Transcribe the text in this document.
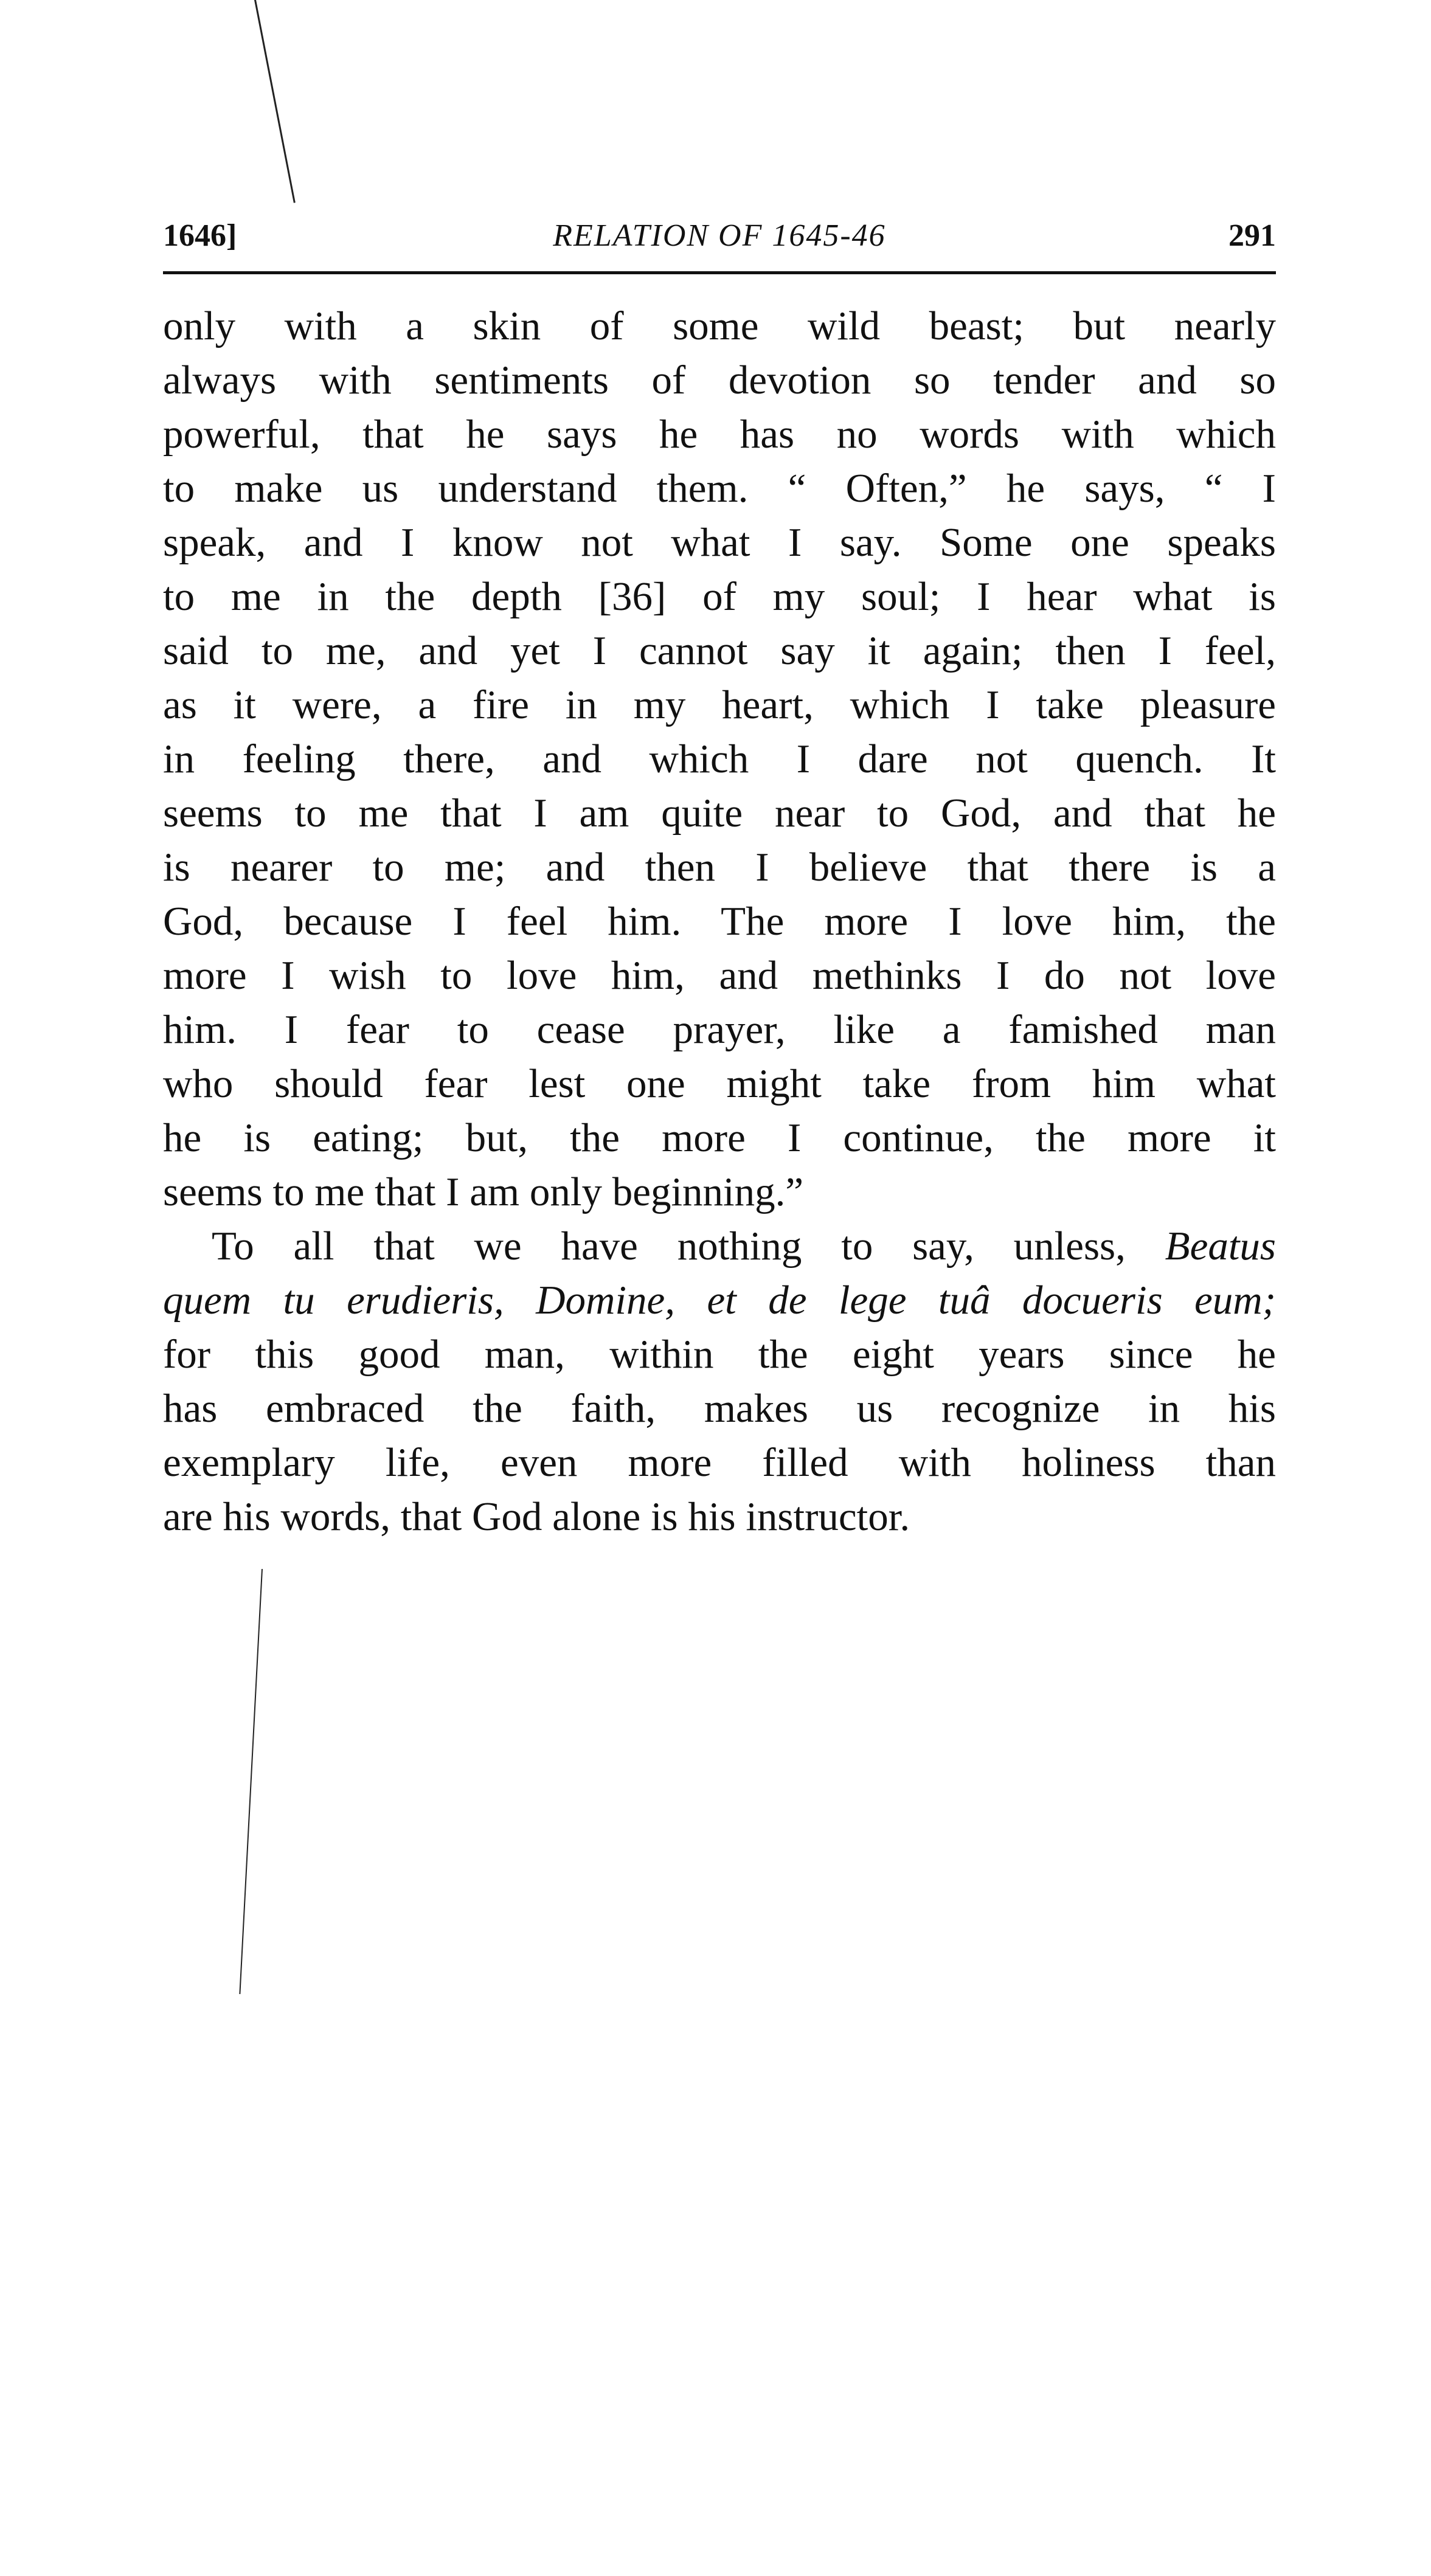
1646]	RELATION OF 1645-46	291
only with a skin of some wild beast; but nearly
always with sentiments of devotion so tender and so
powerful, that he says he has no words with which
to make us understand them. “ Often,” he says, “ I
speak, and I know not what I say. Some one speaks
to me in the depth [36] of my soul; I hear what is
said to me, and yet I cannot say it again; then I feel,
as it were, a fire in my heart, which I take pleasure
in feeling there, and which I dare not quench. It
seems to me that I am quite near to God, and that he
is nearer to me; and then I believe that there is a
God, because I feel him. The more I love him, the
more I wish to love him, and methinks I do not love
him. I fear to cease prayer, like a famished man
who should fear lest one might take from him what
he is eating; but, the more I continue, the more it
seems to me that I am only beginning.”
To all that we have nothing to say, unless, Beatus
quem tu erudieris, Domine, et de lege tuâ docueris eum;
for this good man, within the eight years since he
has embraced the faith, makes us recognize in his
exemplary life, even more filled with holiness than
are his words, that God alone is his instructor.
